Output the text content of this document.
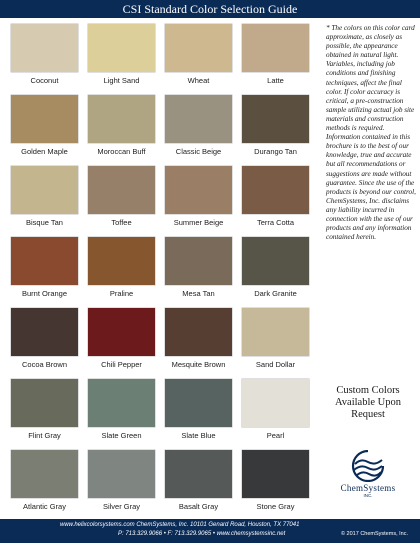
CSI Standard Color Selection Guide
Coconut	Light Sand	Wheat	Latte
Golden Maple	Moroccan Buff	Classic Beige	Durango Tan
Bisque Tan	Toffee	Summer Beige	Terra Cotta
Burnt Orange	Praline	Mesa Tan	Dark Granite
Cocoa Brown	Chili Pepper	Mesquite Brown	Sand Dollar
Flint Gray	Slate Green	Slate Blue	Pearl
Atlantic Gray	Silver Gray	Basalt Gray	Stone Gray
* The colors on this color card approximate, as closely as possible, the appearance obtained in natural light. Variables, including job conditions and finishing techniques, affect the final color. If color accuracy is critical, a pre-construction sample utilizing actual job site materials and construction methods is required. Information contained in this brochure is to the best of our knowledge, true and accurate but all recommendations or suggestions are made without guarantee. Since the use of the products is beyond our control, ChemSystems, Inc. disclaims any liability incurred in connection with the use of our products and any information contained herein.
Custom Colors
Available Upon
Request
ChemSystems
INC.
www.helixcolorsystems.com ChemSystems, Inc. 10101 Genard Road, Houston, TX 77041
P: 713.329.9066 • F: 713.329.9065 • www.chemsystemsinc.net	© 2017 ChemSystems, Inc.
